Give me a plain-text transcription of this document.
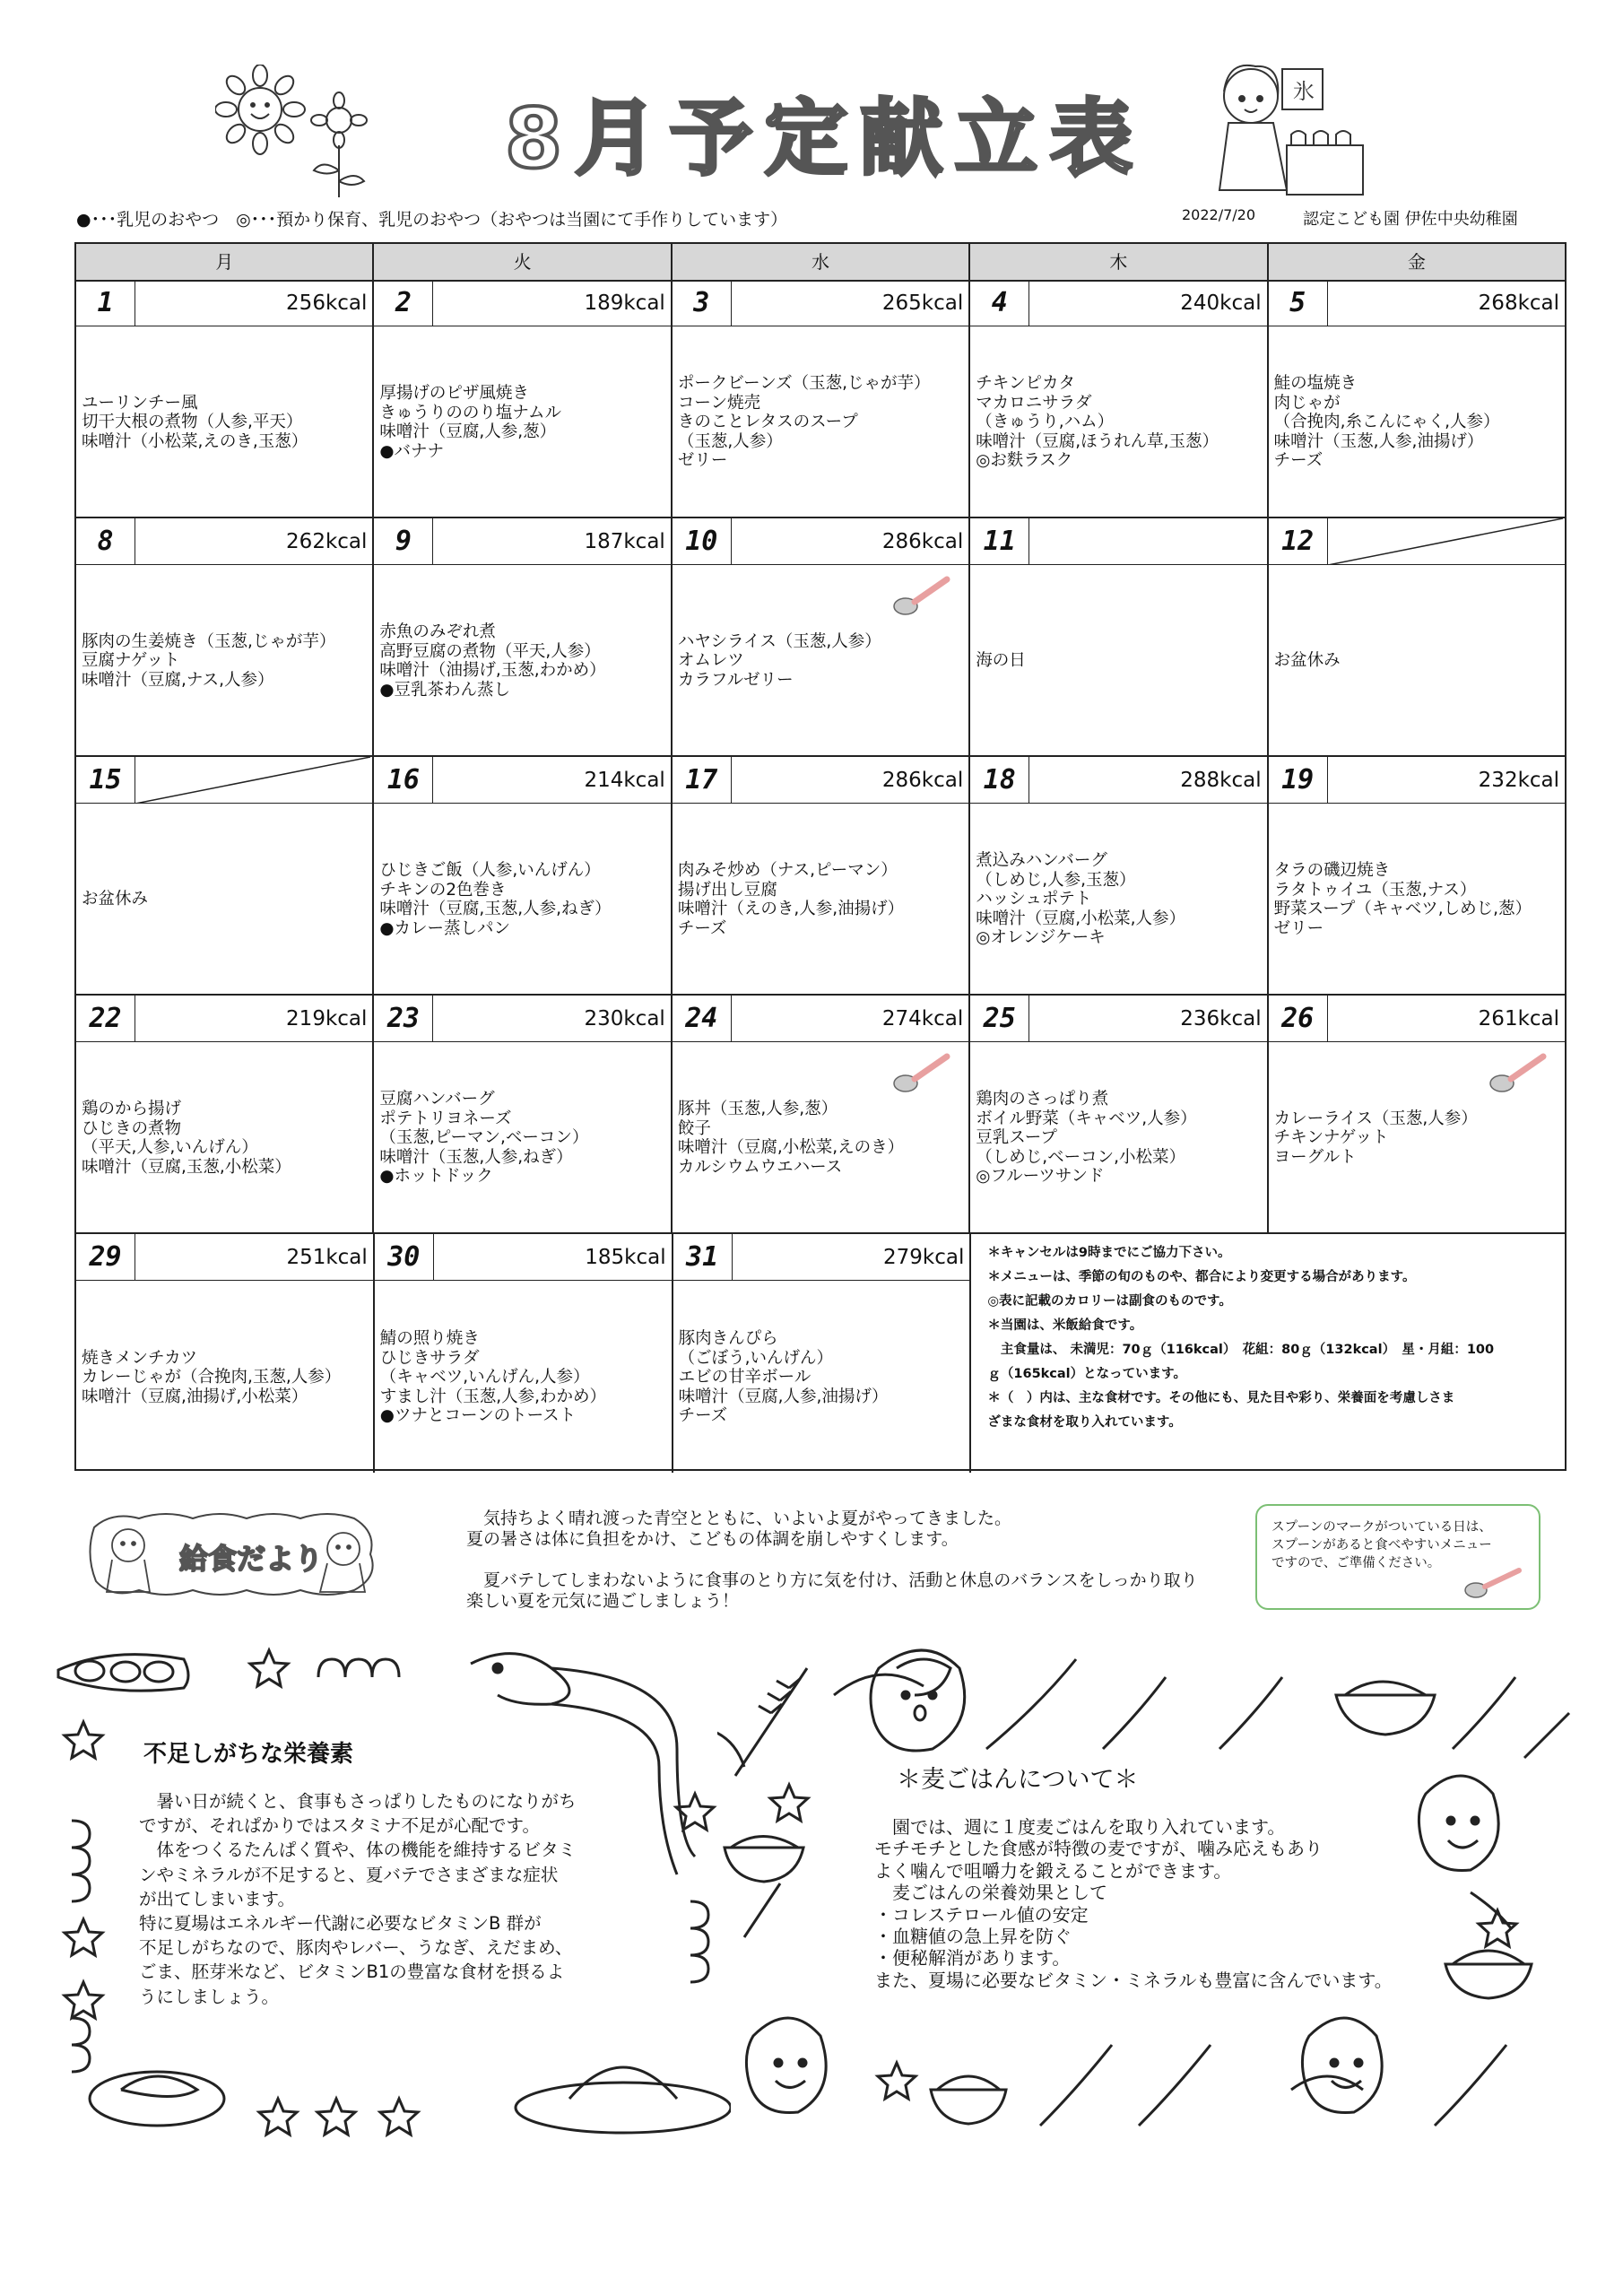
8月予定献立表	氷
●･･･乳児のおやつ　◎･･･預かり保育、乳児のおやつ（おやつは当園にて手作りしています）	2022/7/20	認定こども園 伊佐中央幼稚園
月	火	水	木	金
1	256kcal
ユーリンチー風
切干大根の煮物（人参,平天）
味噌汁（小松菜,えのき,玉葱）
2	189kcal
厚揚げのピザ風焼き
きゅうりののり塩ナムル
味噌汁（豆腐,人参,葱）
●バナナ
3	265kcal
ポークビーンズ（玉葱,じゃが芋）
コーン焼売
きのことレタスのスープ
（玉葱,人参）
ゼリー
4	240kcal
チキンピカタ
マカロニサラダ
（きゅうり,ハム）
味噌汁（豆腐,ほうれん草,玉葱）
◎お麩ラスク
5	268kcal
鮭の塩焼き
肉じゃが
（合挽肉,糸こんにゃく,人参）
味噌汁（玉葱,人参,油揚げ）
チーズ
8	262kcal
豚肉の生姜焼き（玉葱,じゃが芋）
豆腐ナゲット
味噌汁（豆腐,ナス,人参）
9	187kcal
赤魚のみぞれ煮
高野豆腐の煮物（平天,人参）
味噌汁（油揚げ,玉葱,わかめ）
●豆乳茶わん蒸し
10	286kcal
ハヤシライス（玉葱,人参）
オムレツ
カラフルゼリー
11
海の日
12
お盆休み
15
お盆休み
16	214kcal
ひじきご飯（人参,いんげん）
チキンの2色巻き
味噌汁（豆腐,玉葱,人参,ねぎ）
●カレー蒸しパン
17	286kcal
肉みそ炒め（ナス,ピーマン）
揚げ出し豆腐
味噌汁（えのき,人参,油揚げ）
チーズ
18	288kcal
煮込みハンバーグ
（しめじ,人参,玉葱）
ハッシュポテト
味噌汁（豆腐,小松菜,人参）
◎オレンジケーキ
19	232kcal
タラの磯辺焼き
ラタトゥイユ（玉葱,ナス）
野菜スープ（キャベツ,しめじ,葱）
ゼリー
22	219kcal
鶏のから揚げ
ひじきの煮物
（平天,人参,いんげん）
味噌汁（豆腐,玉葱,小松菜）
23	230kcal
豆腐ハンバーグ
ポテトリヨネーズ
（玉葱,ピーマン,ベーコン）
味噌汁（玉葱,人参,ねぎ）
●ホットドック
24	274kcal
豚丼（玉葱,人参,葱）
餃子
味噌汁（豆腐,小松菜,えのき）
カルシウムウエハース
25	236kcal
鶏肉のさっぱり煮
ボイル野菜（キャベツ,人参）
豆乳スープ
（しめじ,ベーコン,小松菜）
◎フルーツサンド
26	261kcal
カレーライス（玉葱,人参）
チキンナゲット
ヨーグルト
29	251kcal
焼きメンチカツ
カレーじゃが（合挽肉,玉葱,人参）
味噌汁（豆腐,油揚げ,小松菜）
30	185kcal
鯖の照り焼き
ひじきサラダ
（キャベツ,いんげん,人参）
すまし汁（玉葱,人参,わかめ）
●ツナとコーンのトースト
31	279kcal
豚肉きんぴら
（ごぼう,いんげん）
エビの甘辛ボール
味噌汁（豆腐,人参,油揚げ）
チーズ
＊キャンセルは9時までにご協力下さい。
＊メニューは、季節の旬のものや、都合により変更する場合があります。
◎表に記載のカロリーは副食のものです。
＊当園は、米飯給食です。
　主食量は、 未満児：70ｇ（116kcal）　花組：80ｇ（132kcal）　星・月組：100
ｇ（165kcal）となっています。
＊（　）内は、主な食材です。その他にも、見た目や彩り、栄養面を考慮しさま
ざまな食材を取り入れています。
給食だより
　気持ちよく晴れ渡った青空とともに、いよいよ夏がやってきました。
夏の暑さは体に負担をかけ、こどもの体調を崩しやすくします。

　夏バテしてしまわないように食事のとり方に気を付け、活動と休息のバランスをしっかり取り
楽しい夏を元気に過ごしましょう！
スプーンのマークがついている日は、
スプーンがあると食べやすいメニュー
ですので、ご準備ください。
不足しがちな栄養素
　暑い日が続くと、食事もさっぱりしたものになりがち
ですが、それぱかりではスタミナ不足が心配です。
　体をつくるたんぱく質や、体の機能を維持するビタミ
ンやミネラルが不足すると、夏バテでさまざまな症状
が出てしまいます。
特に夏場はエネルギー代謝に必要なビタミンB 群が
不足しがちなので、豚肉やレバー、うなぎ、えだまめ、
ごま、胚芽米など、ビタミンB1の豊富な食材を摂るよ
うにしましょう。
＊麦ごはんについて＊
　園では、週に１度麦ごはんを取り入れています。
モチモチとした食感が特徴の麦ですが、噛み応えもあり
よく噛んで咀嚼力を鍛えることができます。
　麦ごはんの栄養効果として
・コレステロール値の安定
・血糖値の急上昇を防ぐ
・便秘解消があります。
また、夏場に必要なビタミン・ミネラルも豊富に含んでいます。
